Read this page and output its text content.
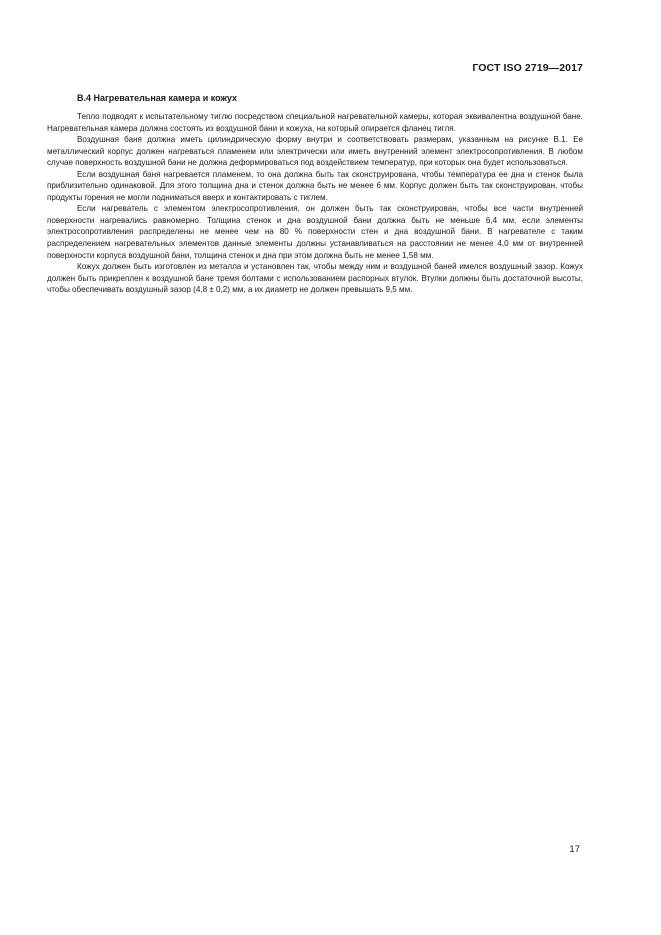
ГОСТ ISO 2719—2017
В.4 Нагревательная камера и кожух

Тепло подводят к испытательному тиглю посредством специальной нагревательной камеры, которая эквивалентна воздушной бане. Нагревательная камера должна состоять из воздушной бани и кожуха, на который опирается фланец тигля.

Воздушная баня должна иметь цилиндрическую форму внутри и соответствовать размерам, указанным на рисунке В.1. Ее металлический корпус должен нагреваться пламенем или электрически или иметь внутренний элемент электросопротивления. В любом случае поверхность воздушной бани не должна деформироваться под воздействием температур, при которых она будет использоваться.

Если воздушная баня нагревается пламенем, то она должна быть так сконструирована, чтобы температура ее дна и стенок была приблизительно одинаковой. Для этого толщина дна и стенок должна быть не менее 6 мм. Корпус должен быть так сконструирован, чтобы продукты горения не могли подниматься вверх и контактировать с тиглем.

Если нагреватель с элементом электросопротивления, он должен быть так сконструирован, чтобы все части внутренней поверхности нагревались равномерно. Толщина стенок и дна воздушной бани должна быть не меньше 6,4 мм, если элементы электросопротивления распределены не менее чем на 80 % поверхности стен и дна воздушной бани. В нагревателе с таким распределением нагревательных элементов данные элементы должны устанавливаться на расстоянии не менее 4,0 мм от внутренней поверхности корпуса воздушной бани, толщина стенок и дна при этом должна быть не менее 1,58 мм.

Кожух должен быть изготовлен из металла и установлен так, чтобы между ним и воздушной баней имелся воздушный зазор. Кожух должен быть прикреплен к воздушной бане тремя болтами с использованием распорных втулок. Втулки должны быть достаточной высоты, чтобы обеспечивать воздушный зазор (4,8 ± 0,2) мм, а их диаметр не должен превышать 9,5 мм.

17
